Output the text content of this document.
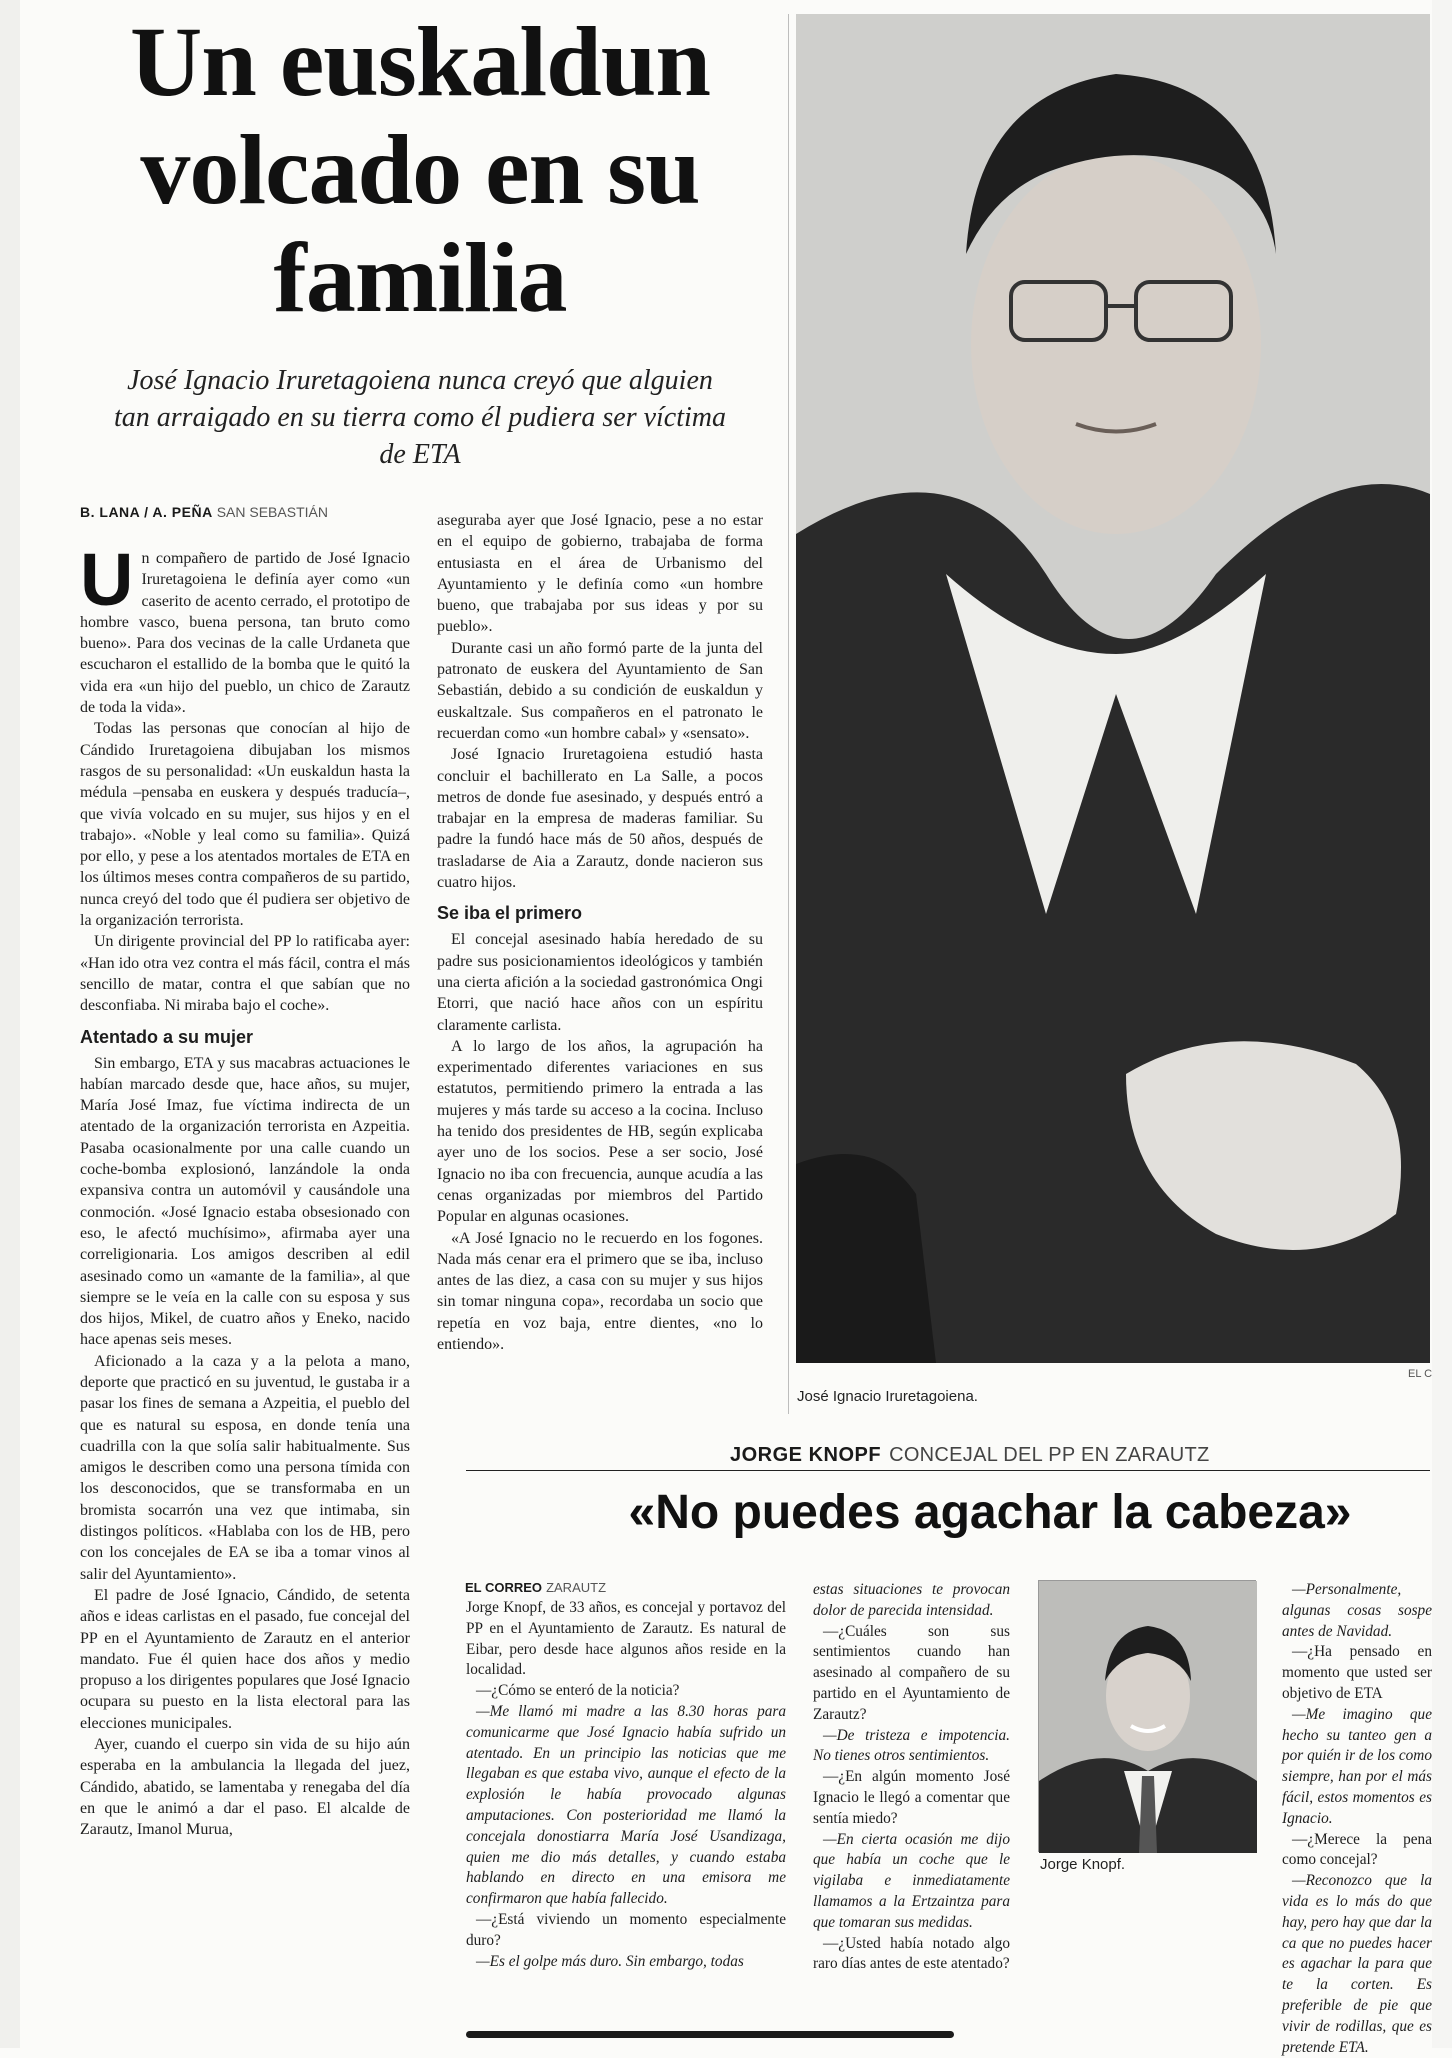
Un euskaldun volcado en su familia
José Ignacio Iruretagoiena nunca creyó que alguien tan arraigado en su tierra como él pudiera ser víctima de ETA
B. LANA / A. PEÑA SAN SEBASTIÁN
Un compañero de partido de José Ignacio Iruretagoiena le definía ayer como «un caserito de acento cerrado, el prototipo de hombre vasco, buena persona, tan bruto como bueno». Para dos vecinas de la calle Urdaneta que escucharon el estallido de la bomba que le quitó la vida era «un hijo del pueblo, un chico de Zarautz de toda la vida».

Todas las personas que conocían al hijo de Cándido Iruretagoiena dibujaban los mismos rasgos de su personalidad: «Un euskaldun hasta la médula –pensaba en euskera y después traducía–, que vivía volcado en su mujer, sus hijos y en el trabajo». «Noble y leal como su familia». Quizá por ello, y pese a los atentados mortales de ETA en los últimos meses contra compañeros de su partido, nunca creyó del todo que él pudiera ser objetivo de la organización terrorista.

Un dirigente provincial del PP lo ratificaba ayer: «Han ido otra vez contra el más fácil, contra el más sencillo de matar, contra el que sabían que no desconfiaba. Ni miraba bajo el coche».

Atentado a su mujer

Sin embargo, ETA y sus macabras actuaciones le habían marcado desde que, hace años, su mujer, María José Imaz, fue víctima indirecta de un atentado de la organización terrorista en Azpeitia. Pasaba ocasionalmente por una calle cuando un coche-bomba explosionó, lanzándole la onda expansiva contra un automóvil y causándole una conmoción. «José Ignacio estaba obsesionado con eso, le afectó muchísimo», afirmaba ayer una correligionaria. Los amigos describen al edil asesinado como un «amante de la familia», al que siempre se le veía en la calle con su esposa y sus dos hijos, Mikel, de cuatro años y Eneko, nacido hace apenas seis meses.

Aficionado a la caza y a la pelota a mano, deporte que practicó en su juventud, le gustaba ir a pasar los fines de semana a Azpeitia, el pueblo del que es natural su esposa, en donde tenía una cuadrilla con la que solía salir habitualmente. Sus amigos le describen como una persona tímida con los desconocidos, que se transformaba en un bromista socarrón una vez que intimaba, sin distingos políticos. «Hablaba con los de HB, pero con los concejales de EA se iba a tomar vinos al salir del Ayuntamiento».

El padre de José Ignacio, Cándido, de setenta años e ideas carlistas en el pasado, fue concejal del PP en el Ayuntamiento de Zarautz en el anterior mandato. Fue él quien hace dos años y medio propuso a los dirigentes populares que José Ignacio ocupara su puesto en la lista electoral para las elecciones municipales.

Ayer, cuando el cuerpo sin vida de su hijo aún esperaba en la ambulancia la llegada del juez, Cándido, abatido, se lamentaba y renegaba del día en que le animó a dar el paso. El alcalde de Zarautz, Imanol Murua,

aseguraba ayer que José Ignacio, pese a no estar en el equipo de gobierno, trabajaba de forma entusiasta en el área de Urbanismo del Ayuntamiento y le definía como «un hombre bueno, que trabajaba por sus ideas y por su pueblo».

Durante casi un año formó parte de la junta del patronato de euskera del Ayuntamiento de San Sebastián, debido a su condición de euskaldun y euskaltzale. Sus compañeros en el patronato le recuerdan como «un hombre cabal» y «sensato».

José Ignacio Iruretagoiena estudió hasta concluir el bachillerato en La Salle, a pocos metros de donde fue asesinado, y después entró a trabajar en la empresa de maderas familiar. Su padre la fundó hace más de 50 años, después de trasladarse de Aia a Zarautz, donde nacieron sus cuatro hijos.

Se iba el primero

El concejal asesinado había heredado de su padre sus posicionamientos ideológicos y también una cierta afición a la sociedad gastronómica Ongi Etorri, que nació hace años con un espíritu claramente carlista.

A lo largo de los años, la agrupación ha experimentado diferentes variaciones en sus estatutos, permitiendo primero la entrada a las mujeres y más tarde su acceso a la cocina. Incluso ha tenido dos presidentes de HB, según explicaba ayer uno de los socios. Pese a ser socio, José Ignacio no iba con frecuencia, aunque acudía a las cenas organizadas por miembros del Partido Popular en algunas ocasiones.

«A José Ignacio no le recuerdo en los fogones. Nada más cenar era el primero que se iba, incluso antes de las diez, a casa con su mujer y sus hijos sin tomar ninguna copa», recordaba un socio que repetía en voz baja, entre dientes, «no lo entiendo».

EL C
José Ignacio Iruretagoiena.
JORGE KNOPF CONCEJAL DEL PP EN ZARAUTZ
«No puedes agachar la cabeza»
EL CORREO ZARAUTZ

Jorge Knopf, de 33 años, es concejal y portavoz del PP en el Ayuntamiento de Zarautz. Es natural de Eibar, pero desde hace algunos años reside en la localidad.

—¿Cómo se enteró de la noticia?

—Me llamó mi madre a las 8.30 horas para comunicarme que José Ignacio había sufrido un atentado. En un principio las noticias que me llegaban es que estaba vivo, aunque el efecto de la explosión le había provocado algunas amputaciones. Con posterioridad me llamó la concejala donostiarra María José Usandizaga, quien me dio más detalles, y cuando estaba hablando en directo en una emisora me confirmaron que había fallecido.

—¿Está viviendo un momento especialmente duro?

—Es el golpe más duro. Sin embargo, todas

estas situaciones te provocan dolor de parecida intensidad.

—¿Cuáles son sus sentimientos cuando han asesinado al compañero de su partido en el Ayuntamiento de Zarautz?

—De tristeza e impotencia. No tienes otros sentimientos.

—¿En algún momento José Ignacio le llegó a comentar que sentía miedo?

—En cierta ocasión me dijo que había un coche que le vigilaba e inmediatamente llamamos a la Ertzaintza para que tomaran sus medidas.

—¿Usted había notado algo raro días antes de este atentado?

Jorge Knopf.

—Personalmente, algunas cosas sospe antes de Navidad.

—¿Ha pensado en momento que usted ser objetivo de ETA

—Me imagino que hecho su tanteo gen a por quién ir de los como siempre, han por el más fácil, estos momentos es Ignacio.

—¿Merece la pena como concejal?

—Reconozco que la vida es lo más do que hay, pero hay que dar la ca que no puedes hacer es agachar la para que te la corten. Es preferible de pie que vivir de rodillas, que es pretende ETA.
